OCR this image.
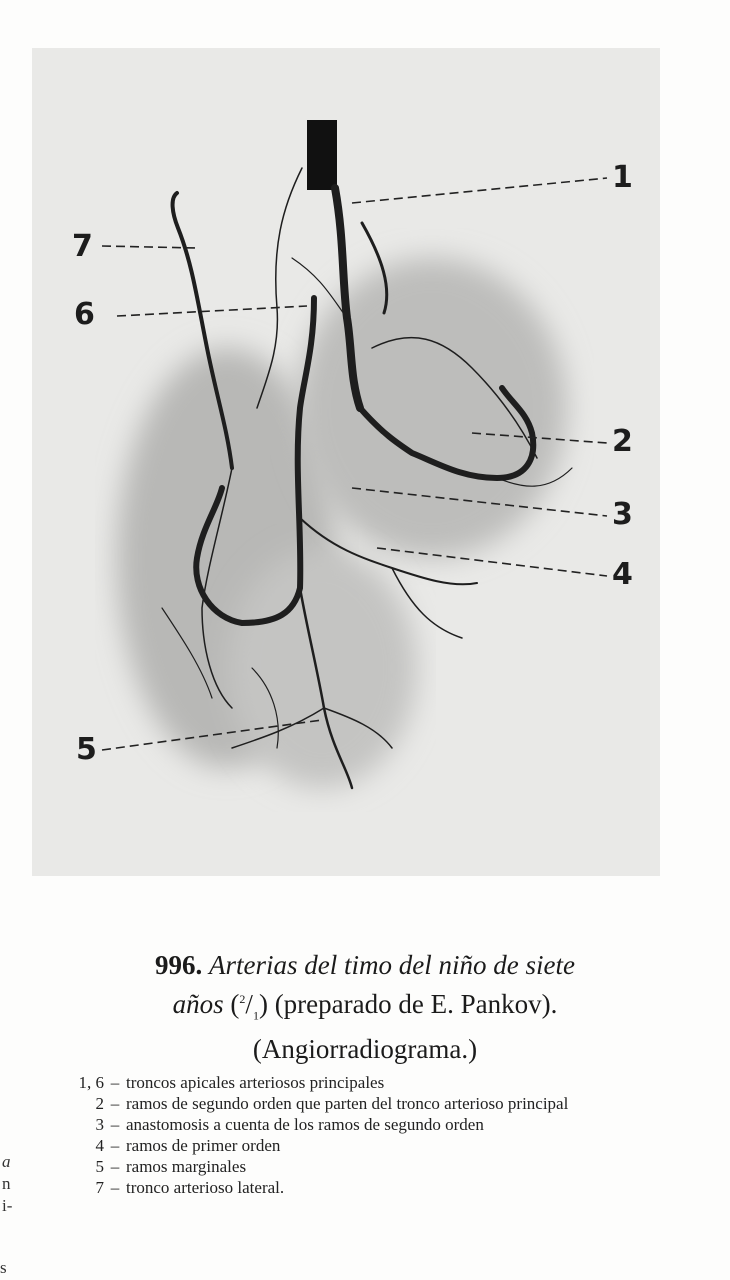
1
2
3
4
5
6
7
996. Arterias del timo del niño de siete
años $(^2/_1)$ (preparado de E. Pankov).
(Angiorradiograma.)
1, 6 – troncos apicales arteriosos principales
2 – ramos de segundo orden que parten del tronco arterioso principal
3 – anastomosis a cuenta de los ramos de segundo orden
4 – ramos de primer orden
5 – ramos marginales
7 – tronco arterioso lateral.
a
n
i-
s
